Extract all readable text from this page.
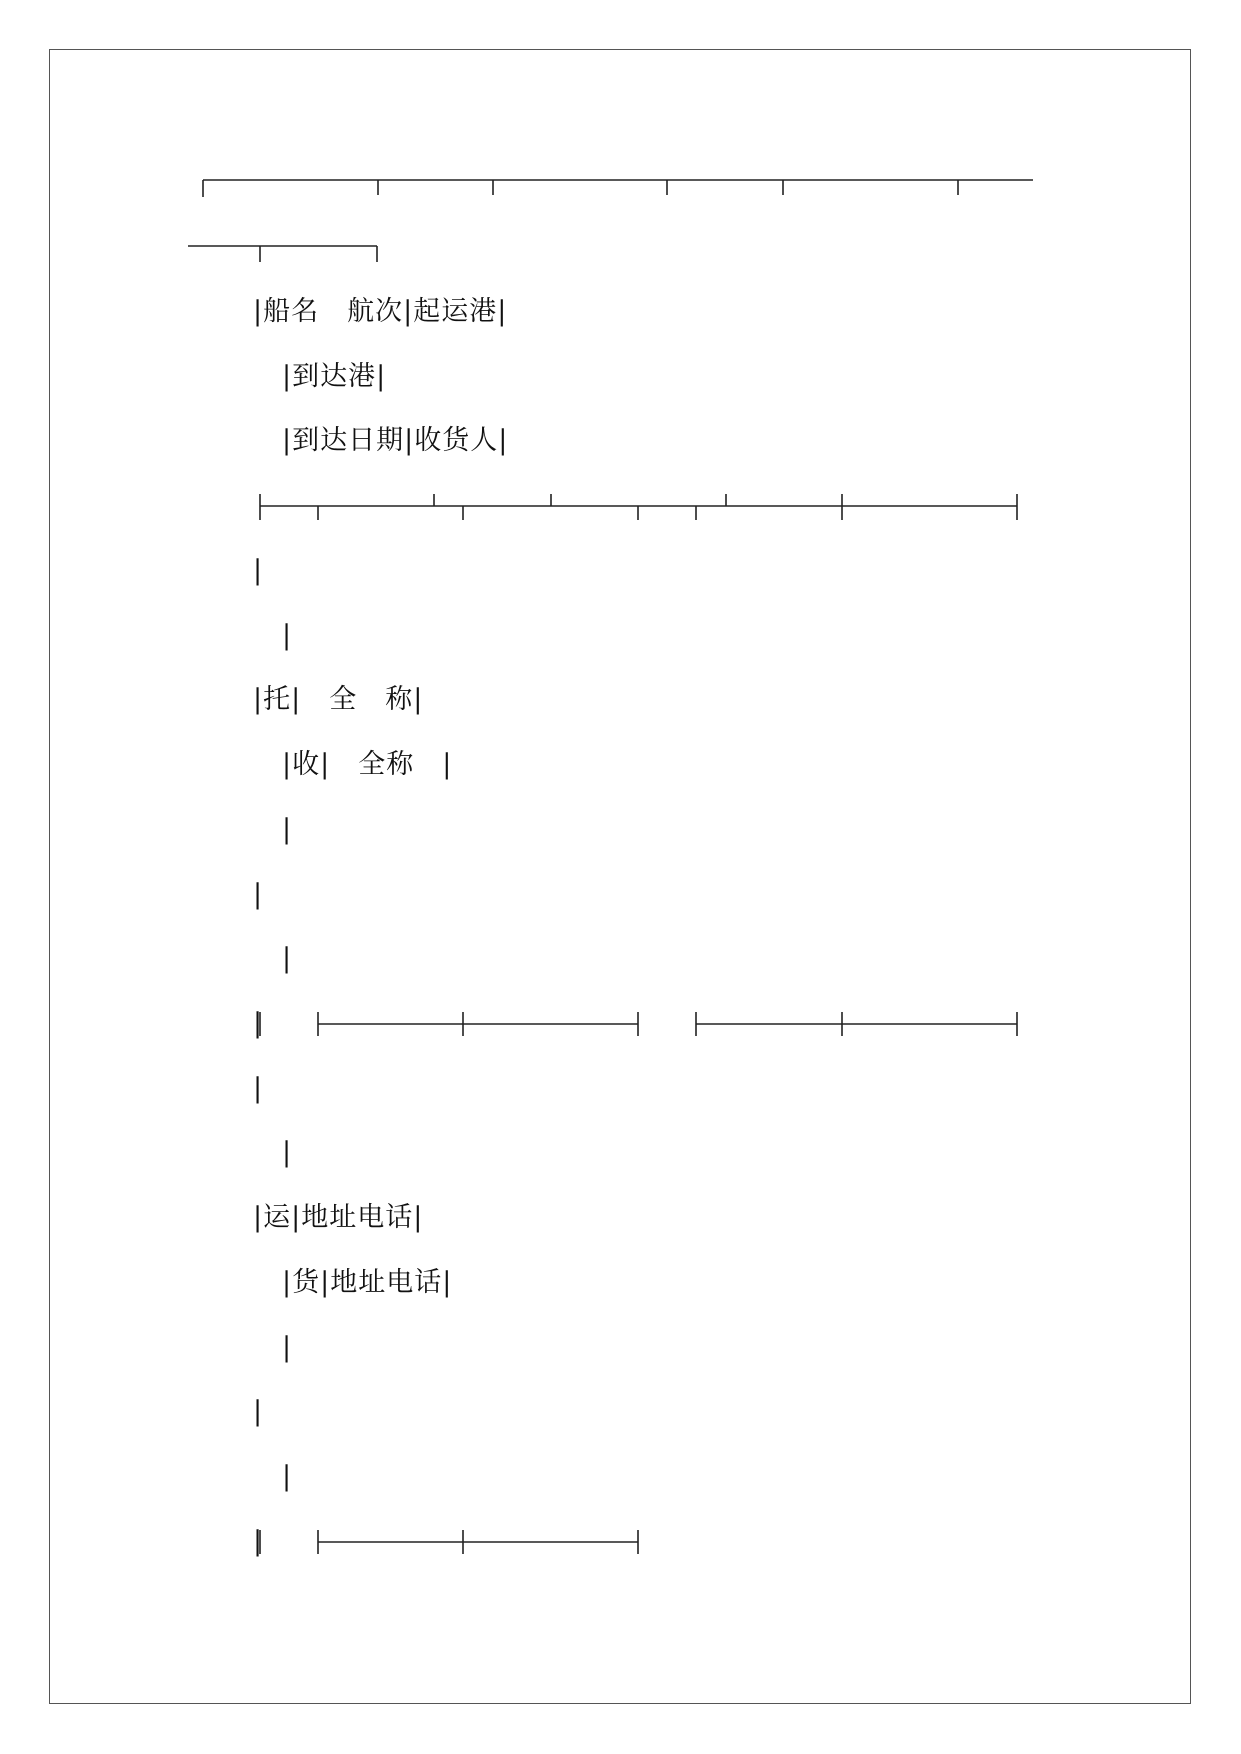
|船名　航次|起运港|
|到达港|
|到达日期|收货人|
|
|
|托|　全　称|
|收|　全称　|
|
|
|
|
|
|
|运|地址电话|
|货|地址电话|
|
|
|
|
